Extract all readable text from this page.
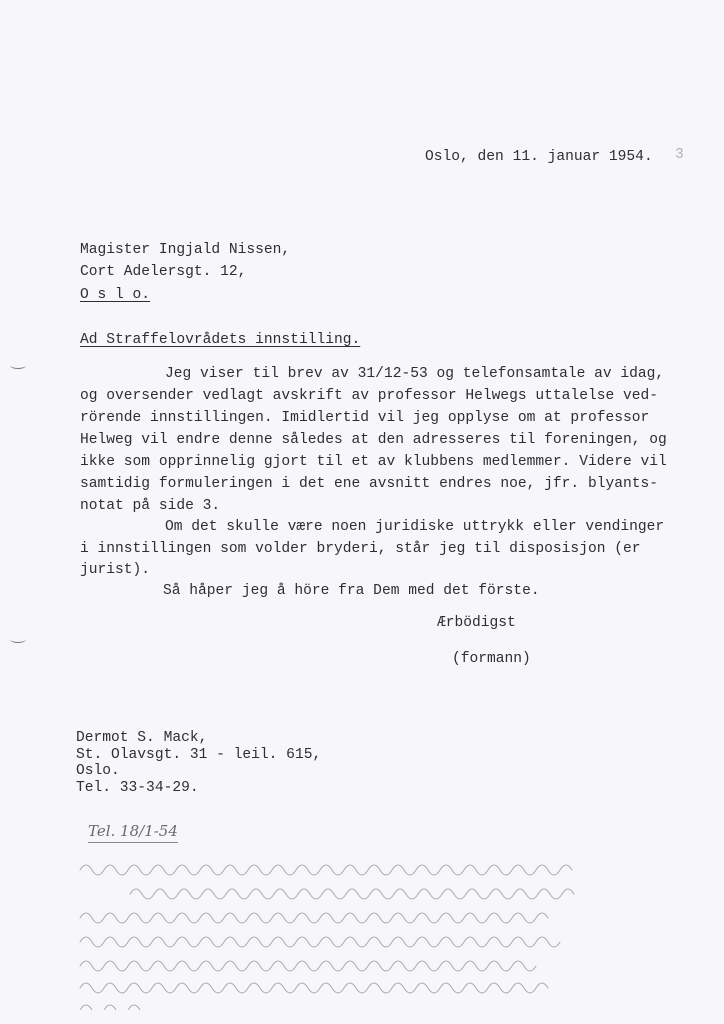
Oslo, den 11. januar 1954. 3
Magister Ingjald Nissen,
Cort Adelersgt. 12,
O s l o.
Ad Straffelovrådets innstilling.
Jeg viser til brev av 31/12-53 og telefonsamtale av idag,
og oversender vedlagt avskrift av professor Helwegs uttalelse ved-
rörende innstillingen. Imidlertid vil jeg opplyse om at professor
Helweg vil endre denne således at den adresseres til foreningen, og
ikke som opprinnelig gjort til et av klubbens medlemmer. Videre vil
samtidig formuleringen i det ene avsnitt endres noe, jfr. blyants-
notat på side 3.
Om det skulle være noen juridiske uttrykk eller vendinger
i innstillingen som volder bryderi, står jeg til disposisjon (er
jurist).
Så håper jeg å höre fra Dem med det förste.
Ærbödigst
(formann)
Dermot S. Mack,
St. Olavsgt. 31 - leil. 615,
Oslo.
Tel. 33-34-29.
Tel. 18/1-54
